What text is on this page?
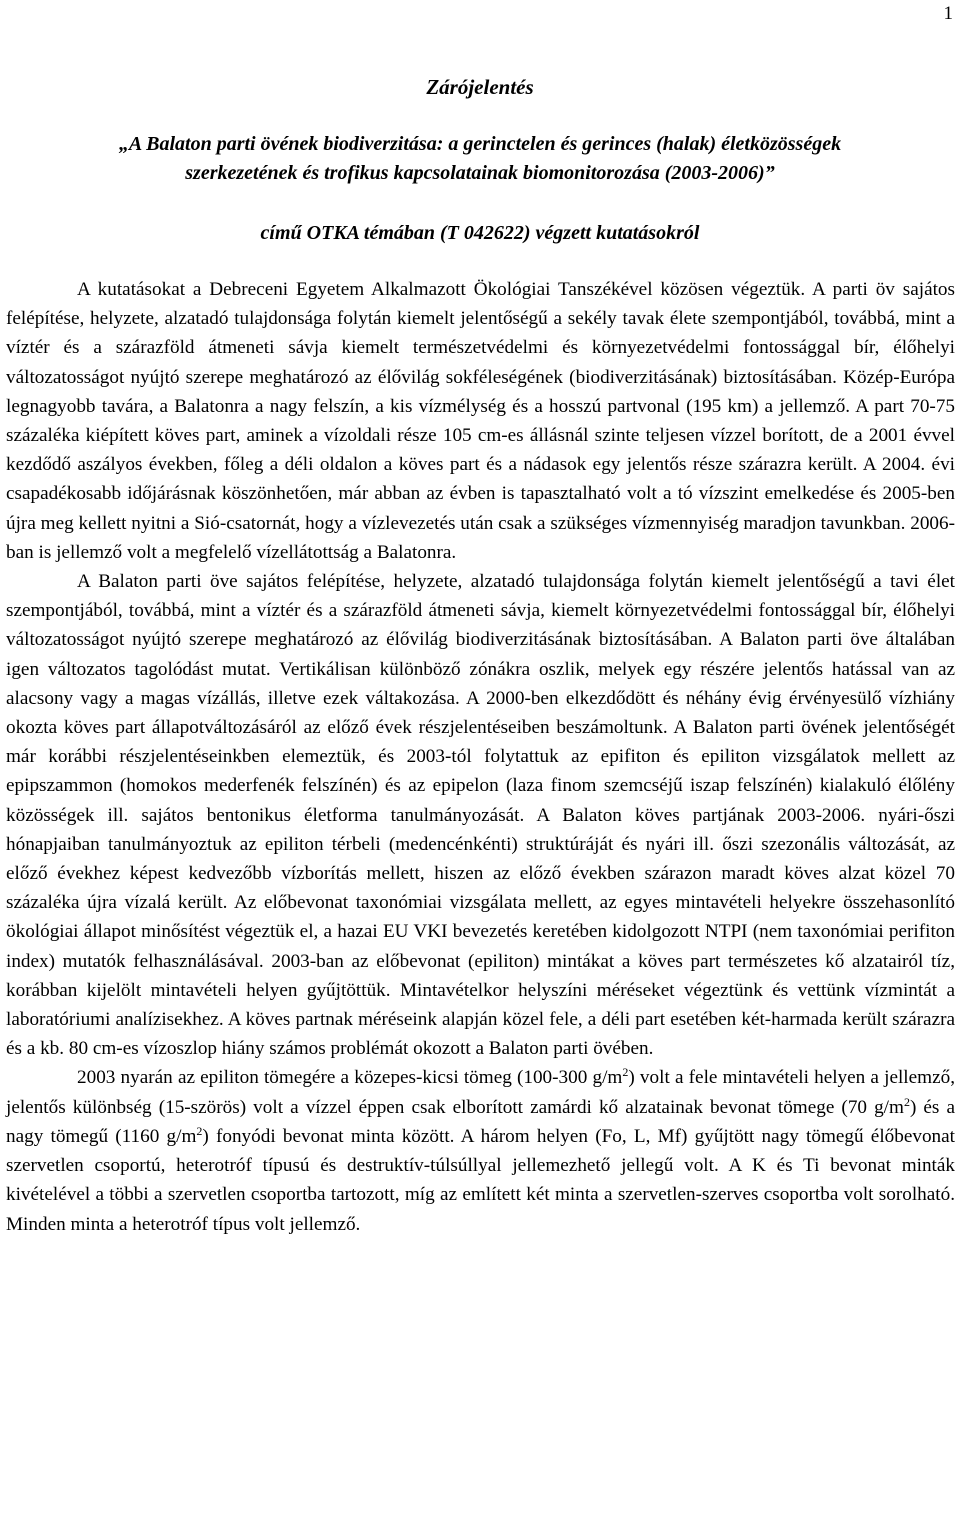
1
Zárójelentés
„A Balaton parti övének biodiverzitása: a gerinctelen és gerinces (halak) életközösségek
szerkezetének és trofikus kapcsolatainak biomonitorozása (2003-2006)”
című OTKA témában (T 042622) végzett kutatásokról

A kutatásokat a Debreceni Egyetem Alkalmazott Ökológiai Tanszékével közösen végeztük. A parti öv sajátos felépítése, helyzete, alzatadó tulajdonsága folytán kiemelt jelentőségű a sekély tavak élete szempontjából, továbbá, mint a víztér és a szárazföld átmeneti sávja kiemelt természetvédelmi és környezetvédelmi fontossággal bír, élőhelyi változatosságot nyújtó szerepe meghatározó az élővilág sokféleségének (biodiverzitásának) biztosításában. Közép-Európa legnagyobb tavára, a Balatonra a nagy felszín, a kis vízmélység és a hosszú partvonal (195 km) a jellemző. A part 70-75 százaléka kiépített köves part, aminek a vízoldali része 105 cm-es állásnál szinte teljesen vízzel borított, de a 2001 évvel kezdődő aszályos években, főleg a déli oldalon a köves part és a nádasok egy jelentős része szárazra került. A 2004. évi csapadékosabb időjárásnak köszönhetően, már abban az évben is tapasztalható volt a tó vízszint emelkedése és 2005-ben újra meg kellett nyitni a Sió-csatornát, hogy a vízlevezetés után csak a szükséges vízmennyiség maradjon tavunkban. 2006-ban is jellemző volt a megfelelő vízellátottság a Balatonra.

A Balaton parti öve sajátos felépítése, helyzete, alzatadó tulajdonsága folytán kiemelt jelentőségű a tavi élet szempontjából, továbbá, mint a víztér és a szárazföld átmeneti sávja, kiemelt környezetvédelmi fontossággal bír, élőhelyi változatosságot nyújtó szerepe meghatározó az élővilág biodiverzitásának biztosításában. A Balaton parti öve általában igen változatos tagolódást mutat. Vertikálisan különböző zónákra oszlik, melyek egy részére jelentős hatással van az alacsony vagy a magas vízállás, illetve ezek váltakozása. A 2000-ben elkezdődött és néhány évig érvényesülő vízhiány okozta köves part állapotváltozásáról az előző évek részjelentéseiben beszámoltunk. A Balaton parti övének jelentőségét már korábbi részjelentéseinkben elemeztük, és 2003-tól folytattuk az epifiton és epiliton vizsgálatok mellett az epipszammon (homokos mederfenék felszínén) és az epipelon (laza finom szemcséjű iszap felszínén) kialakuló élőlény közösségek ill. sajátos bentonikus életforma tanulmányozását. A Balaton köves partjának 2003-2006. nyári-őszi hónapjaiban tanulmányoztuk az epiliton térbeli (medencénkénti) struktúráját és nyári ill. őszi szezonális változását, az előző évekhez képest kedvezőbb vízborítás mellett, hiszen az előző években szárazon maradt köves alzat közel 70 százaléka újra vízalá került. Az előbevonat taxonómiai vizsgálata mellett, az egyes mintavételi helyekre összehasonlító ökológiai állapot minősítést végeztük el, a hazai EU VKI bevezetés keretében kidolgozott NTPI (nem taxonómiai perifiton index) mutatók felhasználásával. 2003-ban az előbevonat (epiliton) mintákat a köves part természetes kő alzatairól tíz, korábban kijelölt mintavételi helyen gyűjtöttük. Mintavételkor helyszíni méréseket végeztünk és vettünk vízmintát a laboratóriumi analízisekhez. A köves partnak méréseink alapján közel fele, a déli part esetében két-harmada került szárazra és a kb. 80 cm-es vízoszlop hiány számos problémát okozott a Balaton parti övében.

2003 nyarán az epiliton tömegére a közepes-kicsi tömeg (100-300 $g/m^2$) volt a fele mintavételi helyen a jellemző, jelentős különbség (15-szörös) volt a vízzel éppen csak elborított zamárdi kő alzatainak bevonat tömege (70 $g/m^2$) és a nagy tömegű (1160 $g/m^2$) fonyódi bevonat minta között. A három helyen (Fo, L, Mf) gyűjtött nagy tömegű élőbevonat szervetlen csoportú, heterotróf típusú és destruktív-túlsúllyal jellemezhető jellegű volt. A K és Ti bevonat minták kivételével a többi a szervetlen csoportba tartozott, míg az említett két minta a szervetlen-szerves csoportba volt sorolható. Minden minta a heterotróf típus volt jellemző.
